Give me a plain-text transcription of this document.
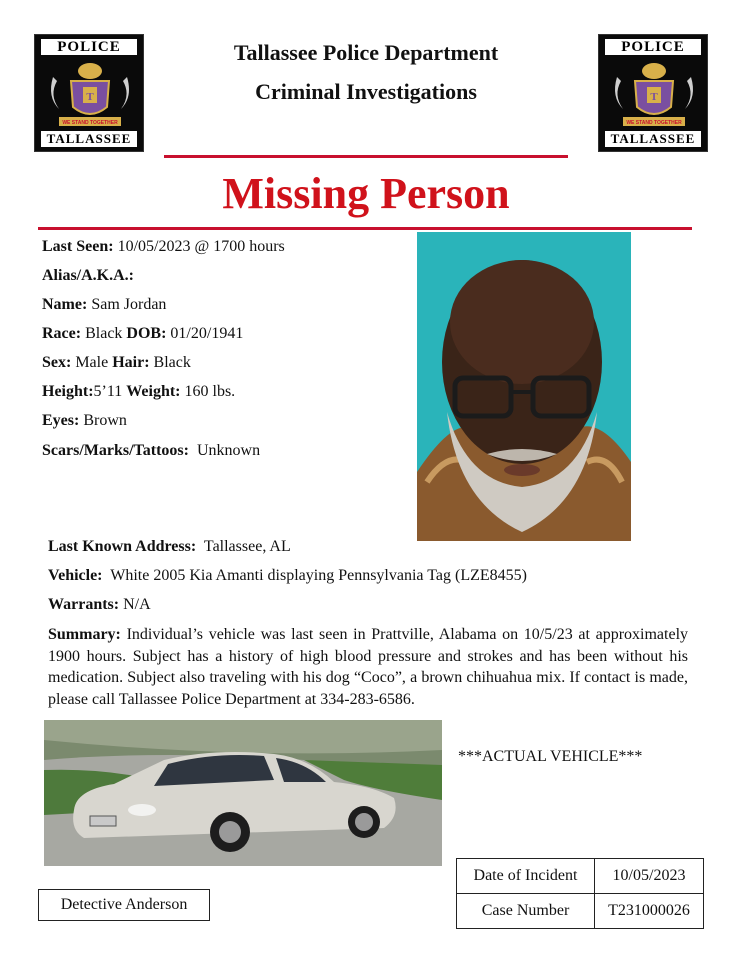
POLICE
T
WE STAND TOGETHER
TALLASSEE
POLICE
T
WE STAND TOGETHER
TALLASSEE
Tallassee Police Department
Criminal Investigations
Missing Person
Last Seen: 10/05/2023 @ 1700 hours
Alias/A.K.A.:
Name: Sam Jordan
Race: Black DOB: 01/20/1941
Sex: Male Hair: Black
Height:5’11 Weight: 160 lbs.
Eyes: Brown
Scars/Marks/Tattoos: Unknown
Last Known Address: Tallassee, AL
Vehicle: White 2005 Kia Amanti displaying Pennsylvania Tag (LZE8455)
Warrants: N/A
Summary: Individual’s vehicle was last seen in Prattville, Alabama on 10/5/23 at approximately 1900 hours. Subject has a history of high blood pressure and strokes and has been without his medication. Subject also traveling with his dog “Coco”, a brown chihuahua mix. If contact is made, please call Tallassee Police Department at 334-283-6586.
***ACTUAL VEHICLE***
Detective Anderson
Date of Incident	10/05/2023
Case Number	T231000026
